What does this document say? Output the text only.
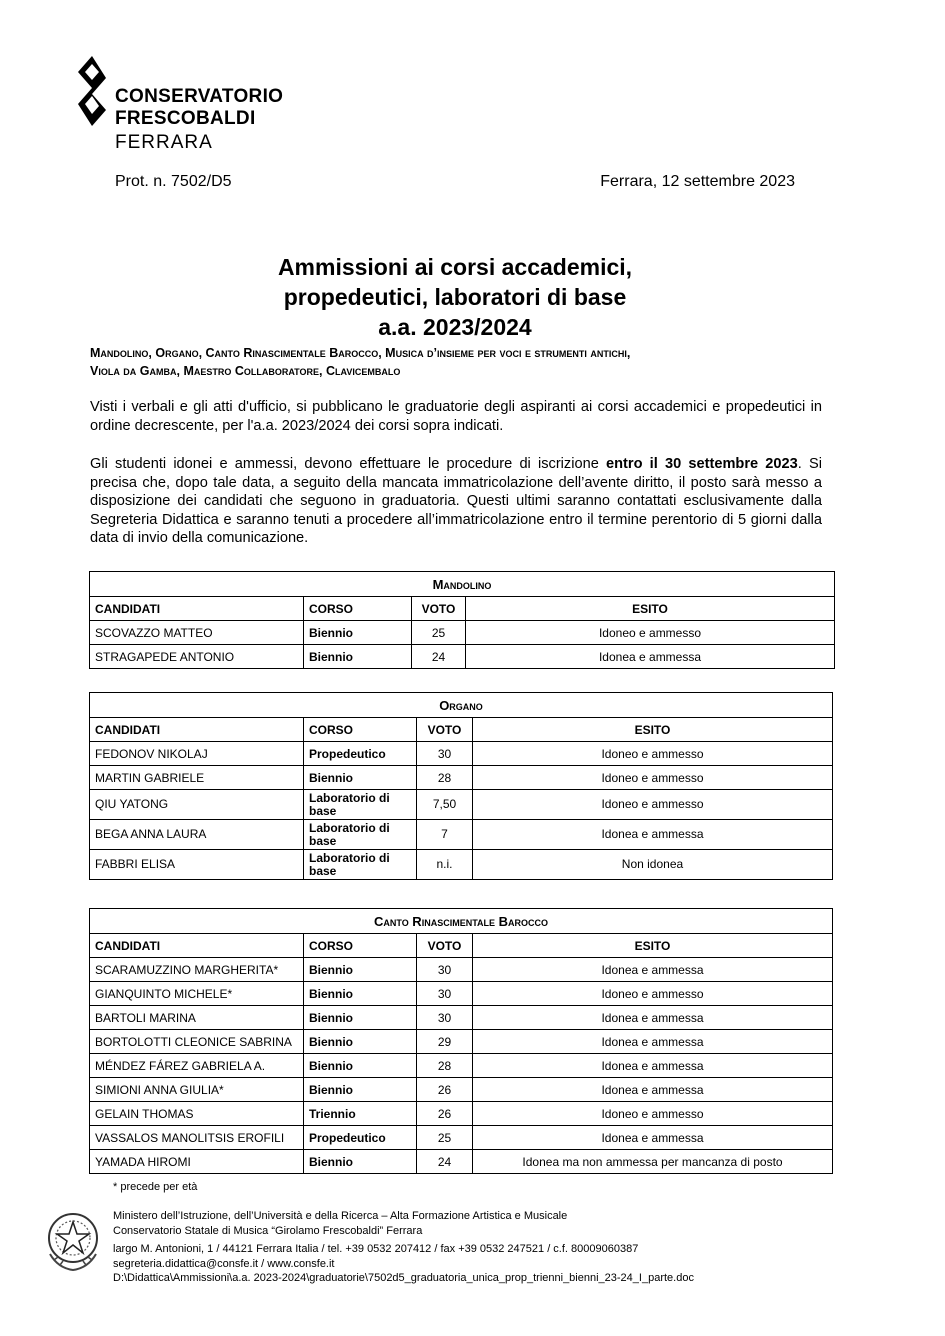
CONSERVATORIO
FRESCOBALDI
FERRARA
Prot. n. 7502/D5	Ferrara, 12 settembre 2023
Ammissioni ai corsi accademici,
propedeutici, laboratori di base
a.a. 2023/2024
Mandolino, Organo, Canto Rinascimentale Barocco, Musica d’insieme per voci e strumenti antichi,
Viola da Gamba, Maestro Collaboratore, Clavicembalo
Visti i verbali e gli atti d'ufficio, si pubblicano le graduatorie degli aspiranti ai corsi accademici e propedeutici in ordine decrescente, per l'a.a. 2023/2024 dei corsi sopra indicati.
Gli studenti idonei e ammessi, devono effettuare le procedure di iscrizione entro il 30 settembre 2023. Si precisa che, dopo tale data, a seguito della mancata immatricolazione dell’avente diritto, il posto sarà messo a disposizione dei candidati che seguono in graduatoria. Questi ultimi saranno contattati esclusivamente dalla Segreteria Didattica e saranno tenuti a procedere all’immatricolazione entro il termine perentorio di 5 giorni dalla data di invio della comunicazione.
Mandolino			
CANDIDATI	CORSO	VOTO	ESITO
SCOVAZZO MATTEO	Biennio	25	Idoneo e ammesso
STRAGAPEDE ANTONIO	Biennio	24	Idonea e ammessa
Organo			
CANDIDATI	CORSO	VOTO	ESITO
FEDONOV NIKOLAJ	Propedeutico	30	Idoneo e ammesso
MARTIN GABRIELE	Biennio	28	Idoneo e ammesso
QIU YATONG	Laboratorio di base	7,50	Idoneo e ammesso
BEGA ANNA LAURA	Laboratorio di base	7	Idonea e ammessa
FABBRI ELISA	Laboratorio di base	n.i.	Non idonea
Canto Rinascimentale Barocco			
CANDIDATI	CORSO	VOTO	ESITO
SCARAMUZZINO MARGHERITA*	Biennio	30	Idonea e ammessa
GIANQUINTO MICHELE*	Biennio	30	Idoneo e ammesso
BARTOLI MARINA	Biennio	30	Idonea e ammessa
BORTOLOTTI CLEONICE SABRINA	Biennio	29	Idonea e ammessa
MÉNDEZ FÁREZ GABRIELA A.	Biennio	28	Idonea e ammessa
SIMIONI ANNA GIULIA*	Biennio	26	Idonea e ammessa
GELAIN THOMAS	Triennio	26	Idoneo e ammesso
VASSALOS MANOLITSIS EROFILI	Propedeutico	25	Idonea e ammessa
YAMADA HIROMI	Biennio	24	Idonea ma non ammessa per mancanza di posto
* precede per età
Ministero dell’Istruzione, dell’Università e della Ricerca – Alta Formazione Artistica e Musicale
Conservatorio Statale di Musica “Girolamo Frescobaldi” Ferrara
largo M. Antonioni, 1 / 44121 Ferrara Italia / tel. +39 0532 207412 / fax +39 0532 247521 / c.f. 80009060387
segreteria.didattica@consfe.it / www.consfe.it
D:\Didattica\Ammissioni\a.a. 2023-2024\graduatorie\7502d5_graduatoria_unica_prop_trienni_bienni_23-24_I_parte.doc
